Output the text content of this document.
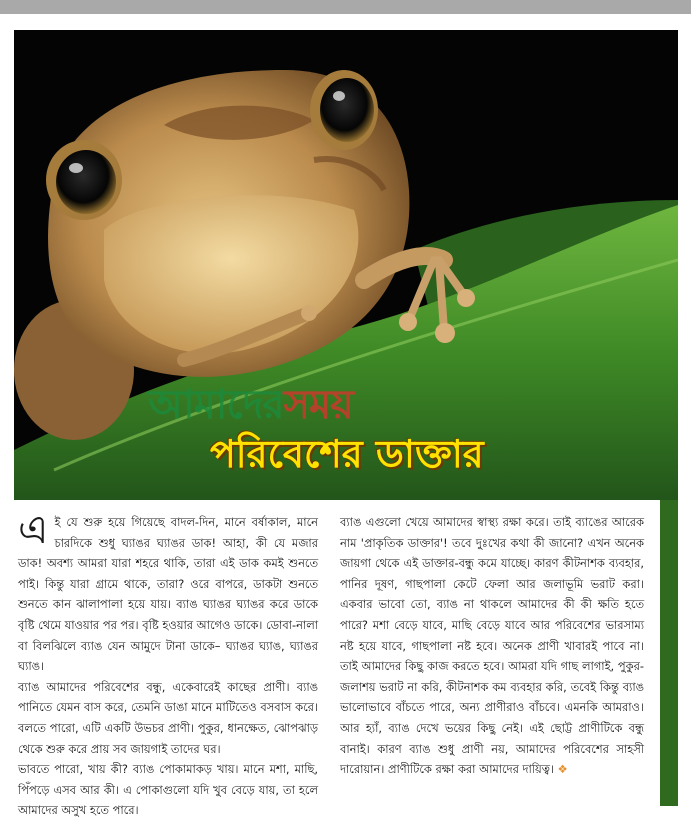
আমাদেরসময়
পরিবেশের ডাক্তার
এ ই যে শুরু হয়ে গিয়েছে বাদল-দিন, মানে বর্ষাকাল, মানে চারদিকে শুধু ঘ্যাঙর ঘ্যাঙর ডাক! আহা, কী যে মজার ডাক! অবশ্য আমরা যারা শহরে থাকি, তারা এই ডাক কমই শুনতে পাই। কিন্তু যারা গ্রামে থাকে, তারা? ওরে বাপরে, ডাকটা শুনতে শুনতে কান ঝালাপালা হয়ে যায়। ব্যাঙ ঘ্যাঙর ঘ্যাঙর করে ডাকে বৃষ্টি থেমে যাওয়ার পর পর। বৃষ্টি হওয়ার আগেও ডাকে। ডোবা-নালা বা বিলঝিলে ব্যাঙ যেন আমুদে টানা ডাকে– ঘ্যাঙর ঘ্যাঙ, ঘ্যাঙর ঘ্যাঙ।

ব্যাঙ আমাদের পরিবেশের বন্ধু, একেবারেই কাছের প্রাণী। ব্যাঙ পানিতে যেমন বাস করে, তেমনি ডাঙা মানে মাটিতেও বসবাস করে। বলতে পারো, এটি একটি উভচর প্রাণী। পুকুর, ধানক্ষেত, ঝোপঝাড় থেকে শুরু করে প্রায় সব জায়গাই তাদের ঘর।

ভাবতে পারো, খায় কী? ব্যাঙ পোকামাকড় খায়। মানে মশা, মাছি, পিঁপড়ে এসব আর কী। এ পোকাগুলো যদি খুব বেড়ে যায়, তা হলে আমাদের অসুখ হতে পারে।

ব্যাঙ এগুলো খেয়ে আমাদের স্বাস্থ্য রক্ষা করে। তাই ব্যাঙের আরেক নাম 'প্রাকৃতিক ডাক্তার'! তবে দুঃখের কথা কী জানো? এখন অনেক জায়গা থেকে এই ডাক্তার-বন্ধু কমে যাচ্ছে। কারণ কীটনাশক ব্যবহার, পানির দূষণ, গাছপালা কেটে ফেলা আর জলাভূমি ভরাট করা। একবার ভাবো তো, ব্যাঙ না থাকলে আমাদের কী কী ক্ষতি হতে পারে? মশা বেড়ে যাবে, মাছি বেড়ে যাবে আর পরিবেশের ভারসাম্য নষ্ট হয়ে যাবে, গাছপালা নষ্ট হবে। অনেক প্রাণী খাবারই পাবে না। তাই আমাদের কিছু কাজ করতে হবে। আমরা যদি গাছ লাগাই, পুকুর-জলাশয় ভরাট না করি, কীটনাশক কম ব্যবহার করি, তবেই কিন্তু ব্যাঙ ভালোভাবে বাঁচতে পারে, অন্য প্রাণীরাও বাঁচবে। এমনকি আমরাও। আর হ্যাঁ, ব্যাঙ দেখে ভয়ের কিছু নেই। এই ছোট্ট প্রাণীটিকে বন্ধু বানাই। কারণ ব্যাঙ শুধু প্রাণী নয়, আমাদের পরিবেশের সাহসী দারোয়ান। প্রাণীটিকে রক্ষা করা আমাদের দায়িত্ব। ❖
